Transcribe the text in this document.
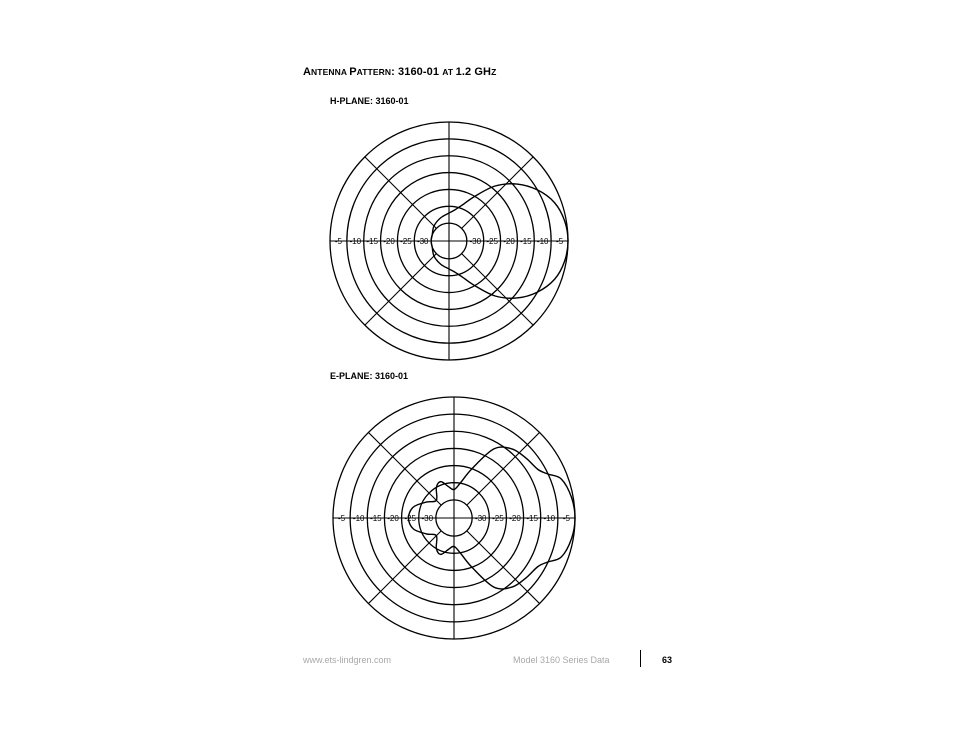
ANTENNA PATTERN: 3160-01 AT 1.2 GHZ
H-PLANE: 3160-01
-5 -10 -15 -20 -25 -30	-30 -25 -20 -15 -10 -5
E-PLANE: 3160-01
-5 -10 -15 -20 -25 -30	-30 -25 -20 -15 -10 -5
www.ets-lindgren.com	Model 3160 Series Data	63
